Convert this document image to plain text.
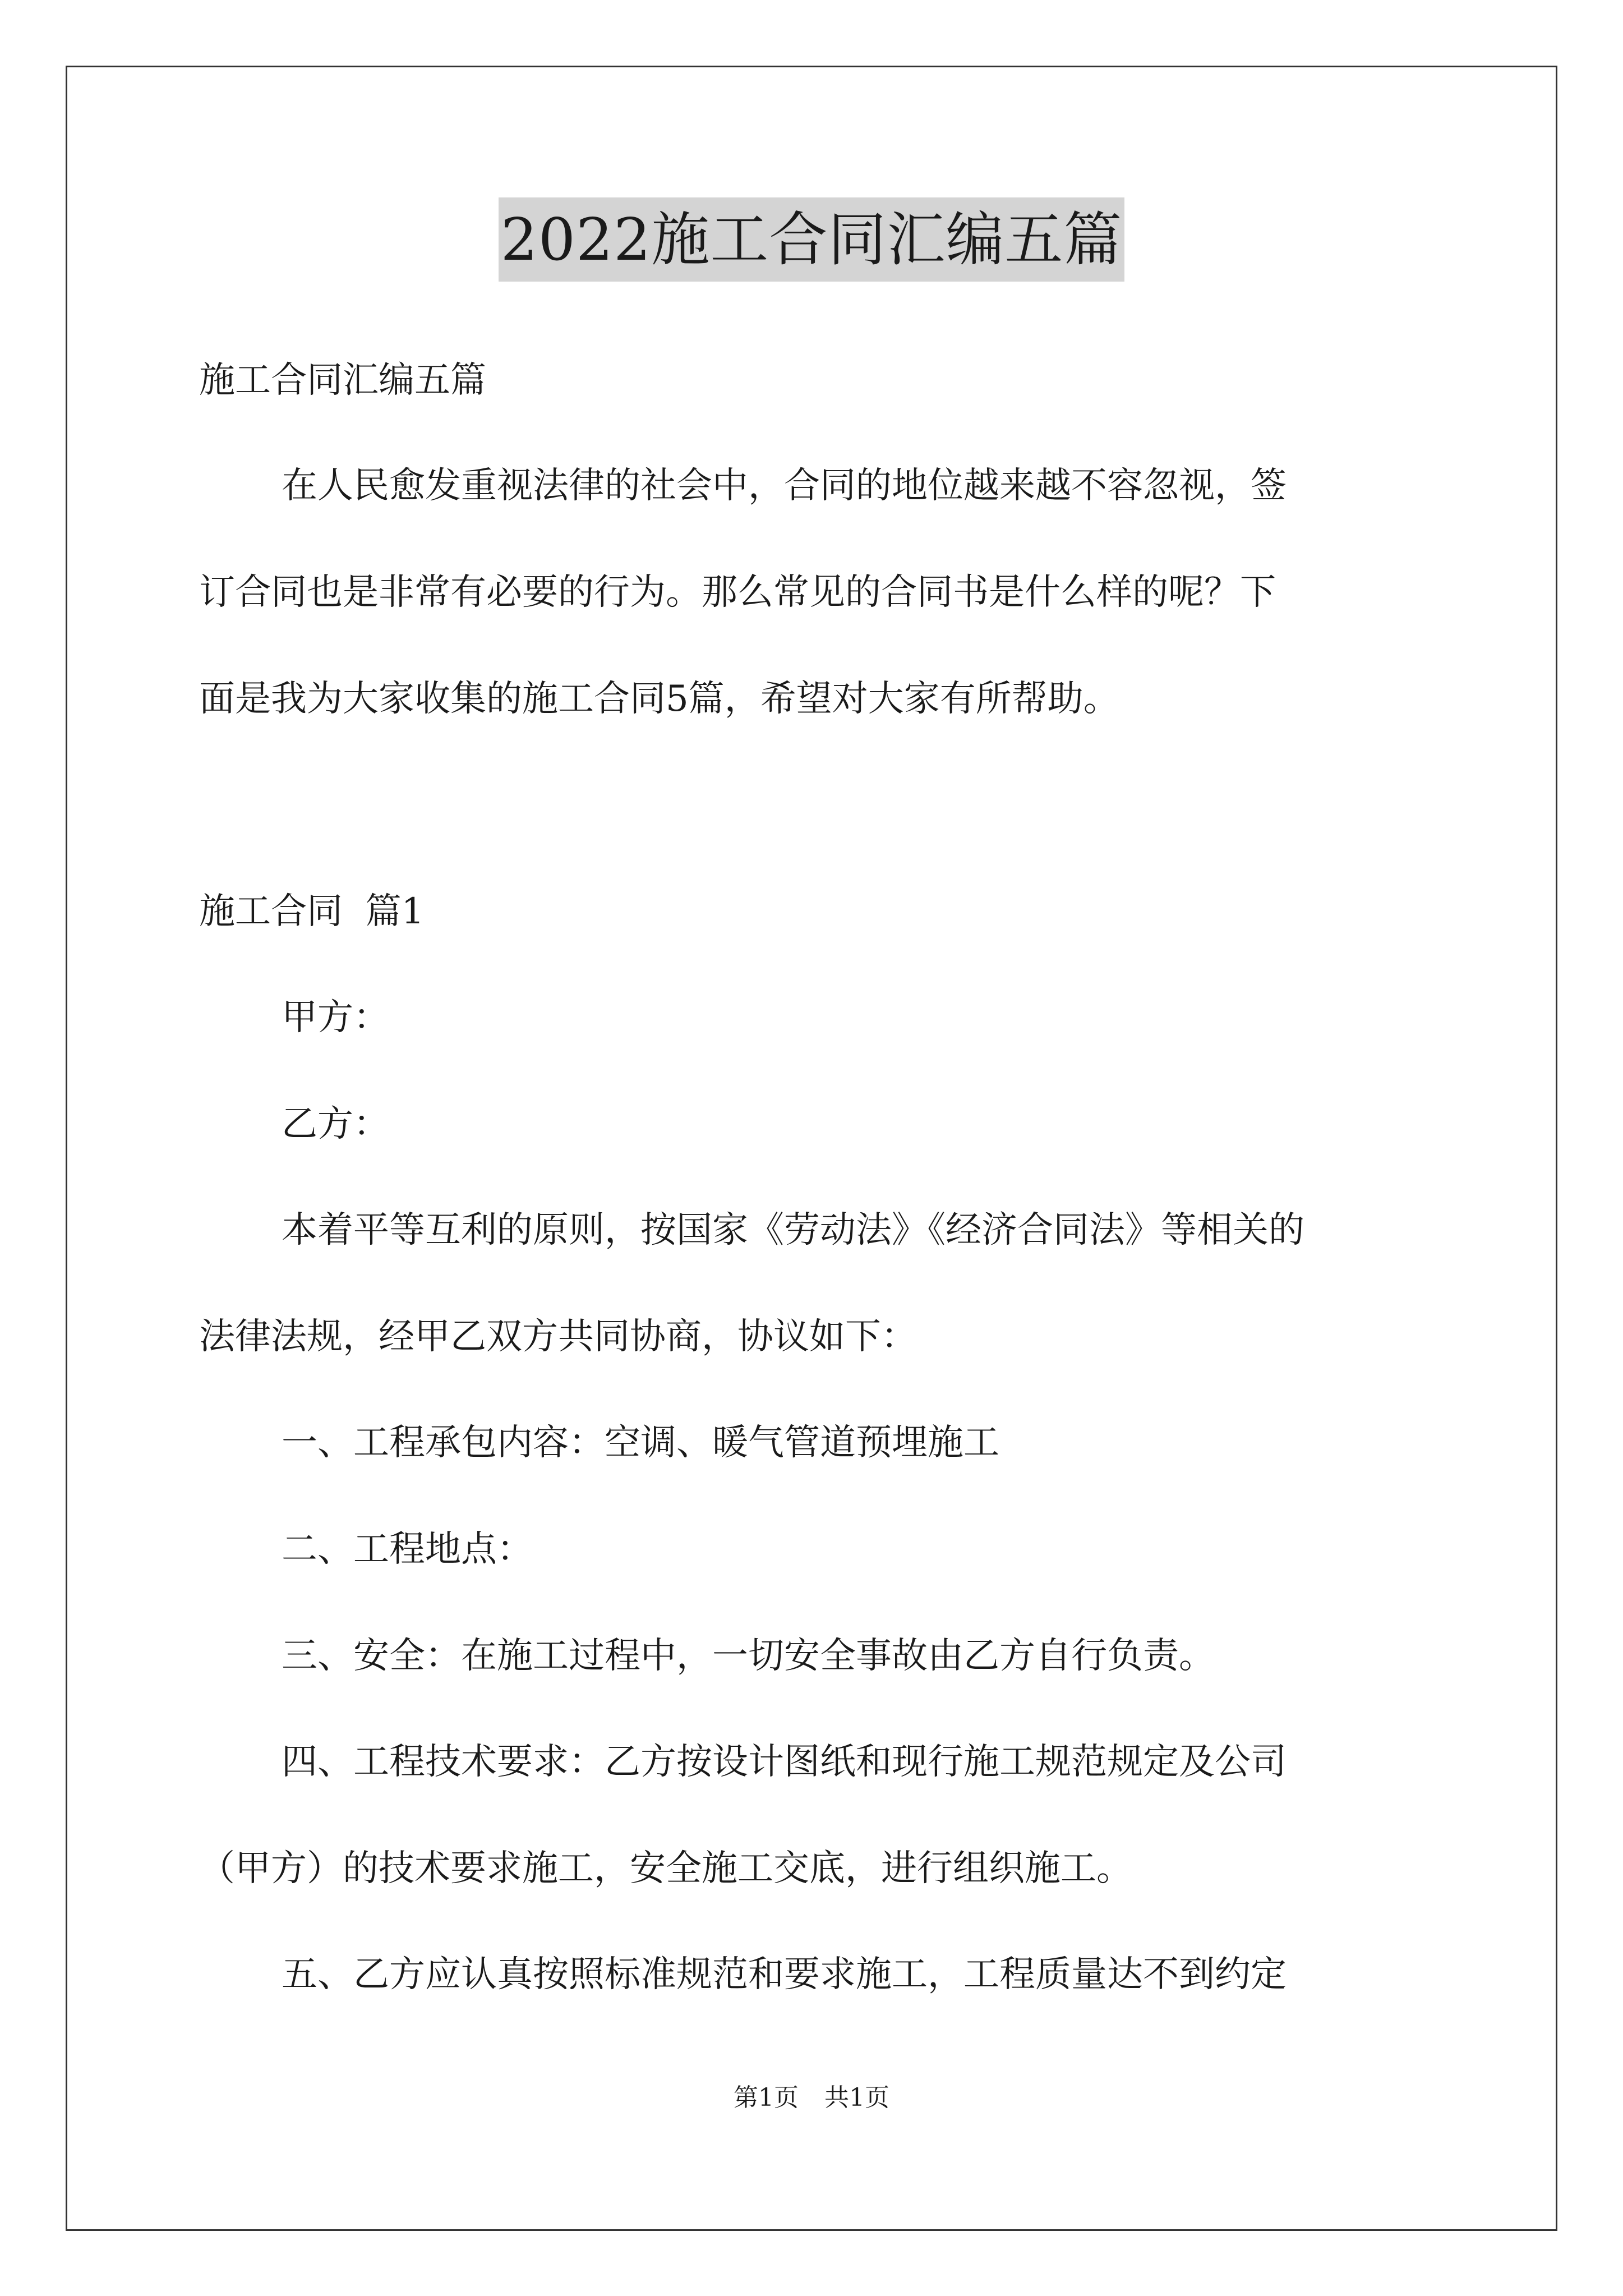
2022施工合同汇编五篇
施工合同汇编五篇
在人民愈发重视法律的社会中，合同的地位越来越不容忽视，签
订合同也是非常有必要的行为。那么常见的合同书是什么样的呢？下
面是我为大家收集的施工合同5篇，希望对大家有所帮助。
施工合同  篇1
甲方：
乙方：
本着平等互利的原则，按国家《劳动法》《经济合同法》等相关的
法律法规，经甲乙双方共同协商，协议如下：
一、工程承包内容：空调、暖气管道预埋施工
二、工程地点：
三、安全：在施工过程中，一切安全事故由乙方自行负责。
四、工程技术要求：乙方按设计图纸和现行施工规范规定及公司
（甲方）的技术要求施工，安全施工交底，进行组织施工。
五、乙方应认真按照标准规范和要求施工，工程质量达不到约定
第1页 共1页
